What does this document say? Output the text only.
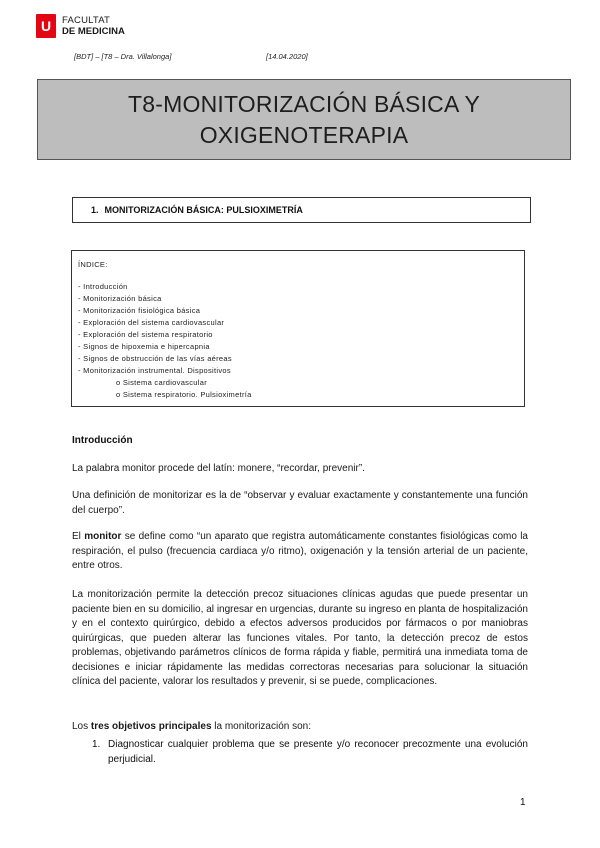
U	FACULTAT
DE MEDICINA
[BDT] – [T8 – Dra. Villalonga]	[14.04.2020]
T8-MONITORIZACIÓN BÁSICA Y
OXIGENOTERAPIA
1. MONITORIZACIÓN BÁSICA: PULSIOXIMETRÍA
ÍNDICE:
- Introducción
- Monitorización básica
- Monitorización fisiológica básica
- Exploración del sistema cardiovascular
- Exploración del sistema respiratorio
- Signos de hipoxemia e hipercapnia
- Signos de obstrucción de las vías aéreas
- Monitorización instrumental. Dispositivos
o Sistema cardiovascular
o Sistema respiratorio. Pulsioximetría
Introducción
La palabra monitor procede del latín: monere, “recordar, prevenir”.
Una definición de monitorizar es la de “observar y evaluar exactamente y constantemente una función del cuerpo”.
El monitor se define como “un aparato que registra automáticamente constantes fisiológicas como la respiración, el pulso (frecuencia cardiaca y/o ritmo), oxigenación y la tensión arterial de un paciente, entre otros.
La monitorización permite la detección precoz situaciones clínicas agudas que puede presentar un paciente bien en su domicilio, al ingresar en urgencias, durante su ingreso en planta de hospitalización y en el contexto quirúrgico, debido a efectos adversos producidos por fármacos o por maniobras quirúrgicas, que pueden alterar las funciones vitales. Por tanto, la detección precoz de estos problemas, objetivando parámetros clínicos de forma rápida y fiable, permitirá una inmediata toma de decisiones e iniciar rápidamente las medidas correctoras necesarias para solucionar la situación clínica del paciente, valorar los resultados y prevenir, si se puede, complicaciones.
Los tres objetivos principales la monitorización son:
1. Diagnosticar cualquier problema que se presente y/o reconocer precozmente una evolución perjudicial.
1
